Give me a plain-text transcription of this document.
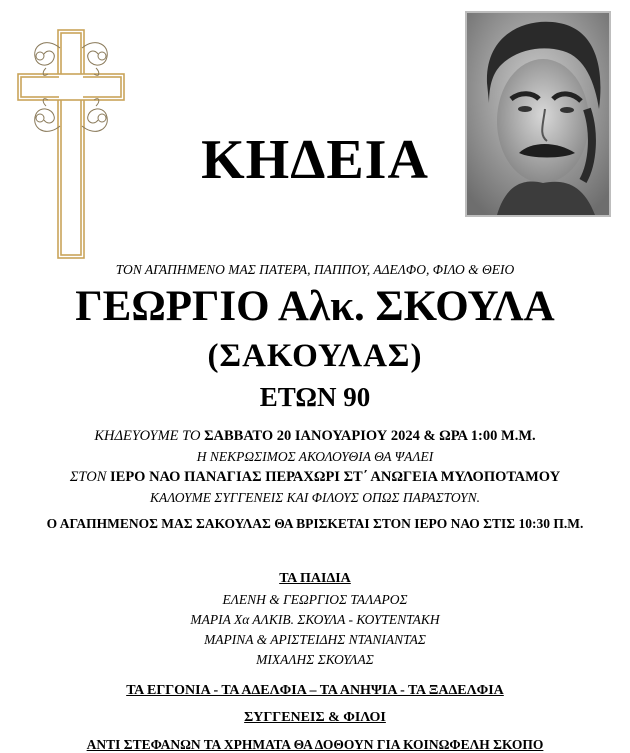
ΚΗΔΕΙΑ
ΤΟΝ ΑΓΑΠΗΜΕΝΟ ΜΑΣ ΠΑΤΕΡΑ, ΠΑΠΠΟΥ, ΑΔΕΛΦΟ, ΦΙΛΟ & ΘΕΙΟ
ΓΕΩΡΓΙΟ Αλκ. ΣΚΟΥΛΑ
(ΣΑΚΟΥΛΑΣ)
ΕΤΩΝ 90
ΚΗΔΕΥΟΥΜΕ ΤΟ ΣΑΒΒΑΤΟ 20 ΙΑΝΟΥΑΡΙΟΥ 2024 & ΩΡΑ 1:00 Μ.Μ.
Η ΝΕΚΡΩΣΙΜΟΣ ΑΚΟΛΟΥΘΙΑ ΘΑ ΨΑΛΕΙ
ΣΤΟΝ ΙΕΡΟ ΝΑΟ ΠΑΝΑΓΙΑΣ ΠΕΡΑΧΩΡΙ ΣΤ΄ ΑΝΩΓΕΙΑ ΜΥΛΟΠΟΤΑΜΟΥ
ΚΑΛΟΥΜΕ ΣΥΓΓΕΝΕΙΣ ΚΑΙ ΦΙΛΟΥΣ ΟΠΩΣ ΠΑΡΑΣΤΟΥΝ.
Ο ΑΓΑΠΗΜΕΝΟΣ ΜΑΣ ΣΑΚΟΥΛΑΣ ΘΑ ΒΡΙΣΚΕΤΑΙ ΣΤΟΝ ΙΕΡΟ ΝΑΟ ΣΤΙΣ 10:30 Π.Μ.
ΤΑ ΠΑΙΔΙΑ
ΕΛΕΝΗ & ΓΕΩΡΓΙΟΣ ΤΑΛΑΡΟΣ
ΜΑΡΙΑ Χα ΑΛΚΙΒ. ΣΚΟΥΛΑ - ΚΟΥΤΕΝΤΑΚΗ
ΜΑΡΙΝΑ & ΑΡΙΣΤΕΙΔΗΣ ΝΤΑΝΙΑΝΤΑΣ
ΜΙΧΑΛΗΣ ΣΚΟΥΛΑΣ
ΤΑ ΕΓΓΟΝΙΑ - ΤΑ ΑΔΕΛΦΙΑ – ΤΑ ΑΝΗΨΙΑ - ΤΑ ΞΑΔΕΛΦΙΑ
ΣΥΓΓΕΝΕΙΣ & ΦΙΛΟΙ
ΑΝΤΙ ΣΤΕΦΑΝΩΝ ΤΑ ΧΡΗΜΑΤΑ ΘΑ ΔΟΘΟΥΝ ΓΙΑ ΚΟΙΝΩΦΕΛΗ ΣΚΟΠΟ
